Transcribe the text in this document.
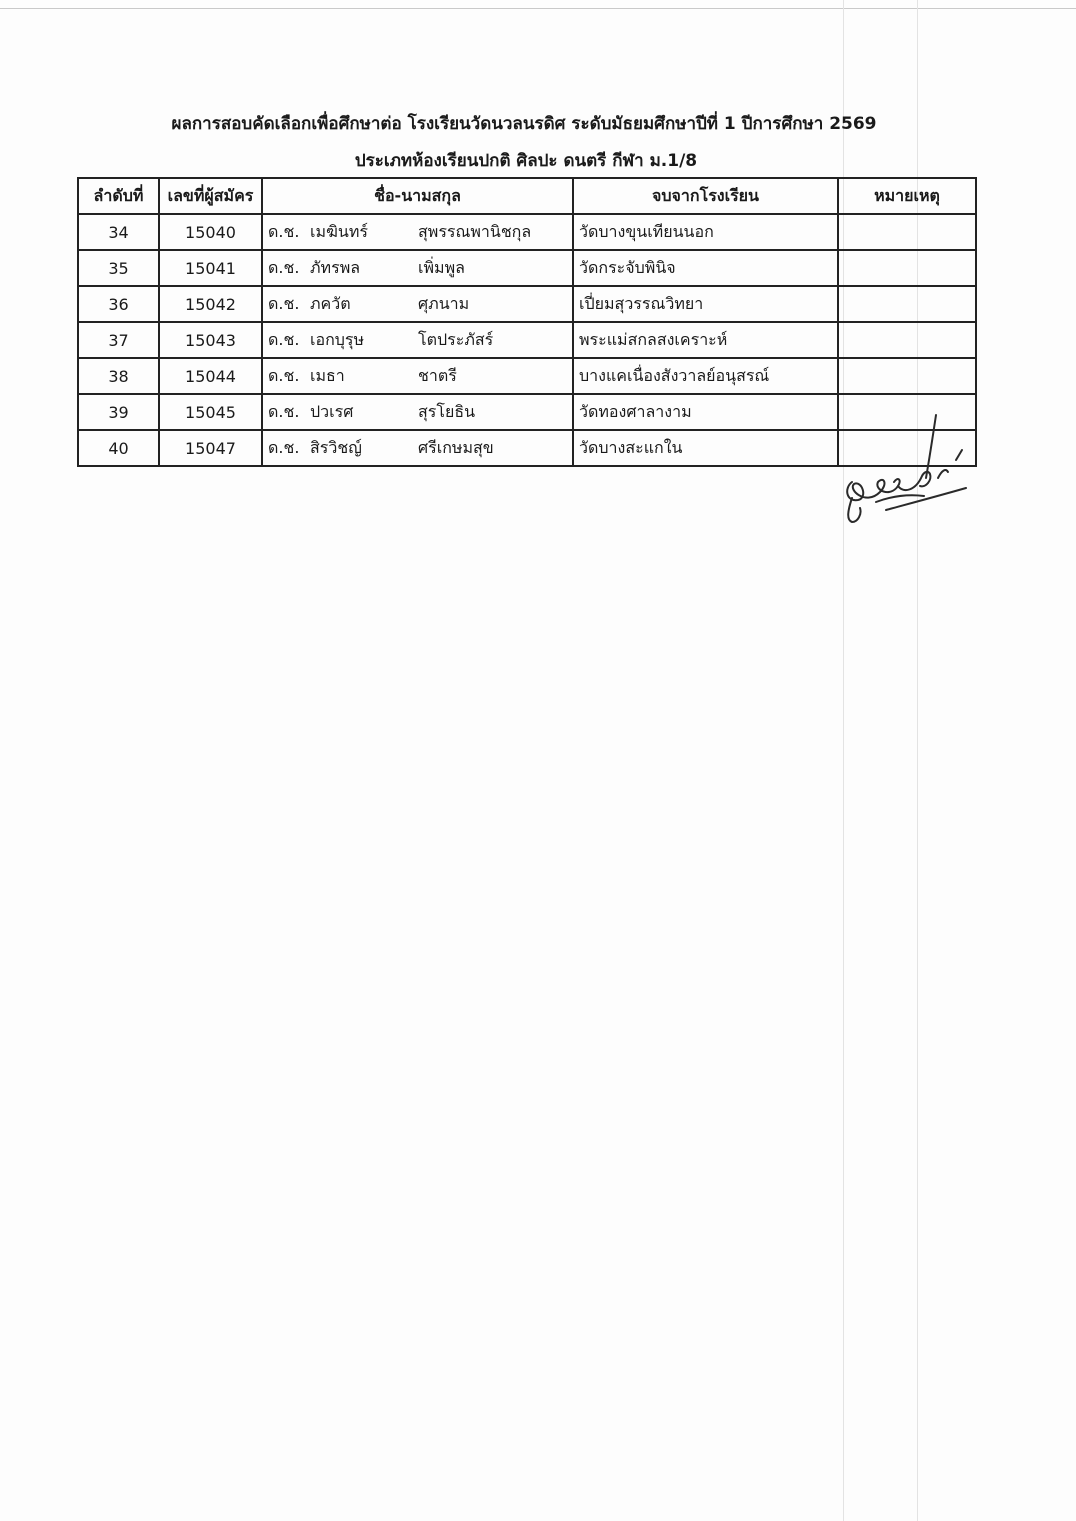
ผลการสอบคัดเลือกเพื่อศึกษาต่อ โรงเรียนวัดนวลนรดิศ ระดับมัธยมศึกษาปีที่ 1 ปีการศึกษา 2569
ประเภทห้องเรียนปกติ ศิลปะ ดนตรี กีฬา ม.1/8
ลำดับที่	เลขที่ผู้สมัคร	ชื่อ-นามสกุล	จบจากโรงเรียน	หมายเหตุ
34	15040	ด.ช. เมฆินทร์ สุพรรณพานิชกุล	วัดบางขุนเทียนนอก	
35	15041	ด.ช. ภัทรพล เพิ่มพูล	วัดกระจับพินิจ	
36	15042	ด.ช. ภควัต ศุภนาม	เปี่ยมสุวรรณวิทยา	
37	15043	ด.ช. เอกบุรุษ โตประภัสร์	พระแม่สกลสงเคราะห์	
38	15044	ด.ช. เมธา ชาตรี	บางแคเนื่องสังวาลย์อนุสรณ์	
39	15045	ด.ช. ปวเรศ สุรโยธิน	วัดทองศาลางาม	
40	15047	ด.ช. สิรวิชญ์ ศรีเกษมสุข	วัดบางสะแกใน	
